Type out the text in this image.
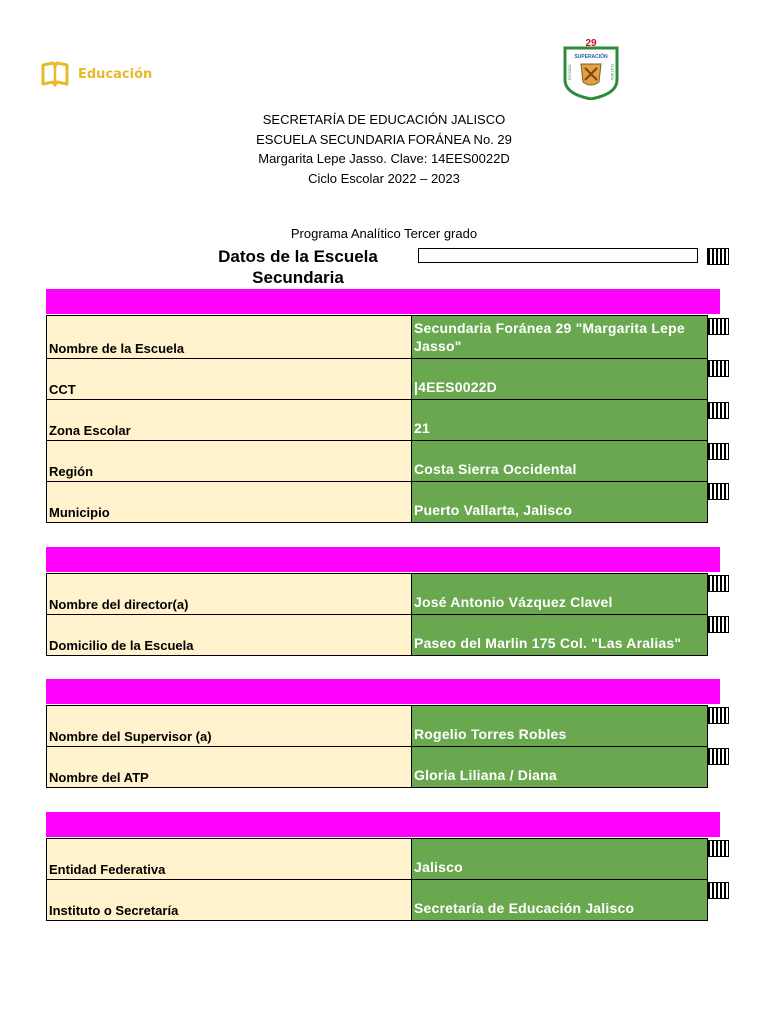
Educación
29
SUPERACIÓN
ESTUDIO	CULTURA
SECRETARÍA DE EDUCACIÓN JALISCO
ESCUELA SECUNDARIA FORÁNEA No. 29
Margarita Lepe Jasso. Clave: 14EES0022D
Ciclo Escolar 2022 – 2023
Programa Analítico Tercer grado
Datos de la Escuela
Secundaria
Nombre de la Escuela	Secundaria Foránea 29 "Margarita Lepe Jasso"
CCT	|4EES0022D
Zona Escolar	21
Región	Costa Sierra Occidental
Municipio	Puerto Vallarta, Jalisco
Nombre del director(a)	José Antonio Vázquez Clavel
Domicilio de la Escuela	Paseo del Marlin 175 Col. "Las Aralias"
Nombre del Supervisor (a)	Rogelio Torres Robles
Nombre del ATP	Gloria Liliana / Diana
Entidad Federativa	Jalisco
Instituto o Secretaría	Secretaría de Educación Jalisco
